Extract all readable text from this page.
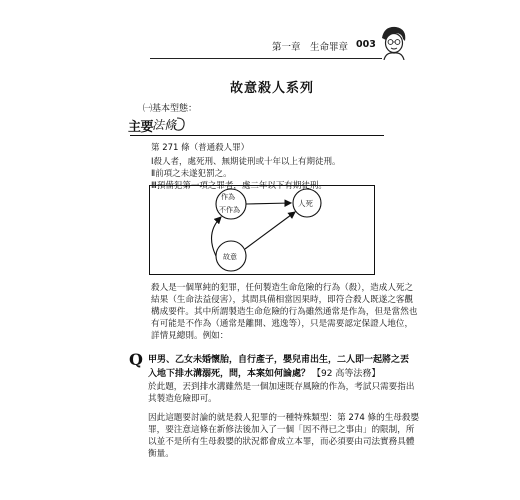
第一章　生命罪章 003
故意殺人系列
㈠基本型態：
主要
法條
第 271 條（普通殺人罪）
Ⅰ殺人者，處死刑、無期徒刑或十年以上有期徒刑。
Ⅱ前項之未遂犯罰之。
Ⅲ預備犯第一項之罪者，處二年以下有期徒刑。
作為
不作為
人死
故意
殺人是一個單純的犯罪，任何製造生命危險的行為（殺），造成人死之
結果（生命法益侵害），其間具備相當因果時，即符合殺人既遂之客觀
構成要件。其中所謂製造生命危險的行為雖然通常是作為，但是當然也
有可能是不作為（通常是離開、逃逸等），只是需要認定保證人地位，
詳情見總則。例如：
Q 甲男、乙女未婚懷胎，自行產子，嬰兒甫出生，二人即一起將之丟
入地下排水溝溺死，問，本案如何論處？ 【92 高等法務】
於此題，丟到排水溝雖然是一個加速既存風險的作為，考試只需要指出
其製造危險即可。
因此這題要討論的就是殺人犯罪的一種特殊類型：第 274 條的生母殺嬰
罪，要注意這條在新修法後加入了一個「因不得已之事由」的限制，所
以並不是所有生母殺嬰的狀況都會成立本罪，而必須要由司法實務具體
衡量。
